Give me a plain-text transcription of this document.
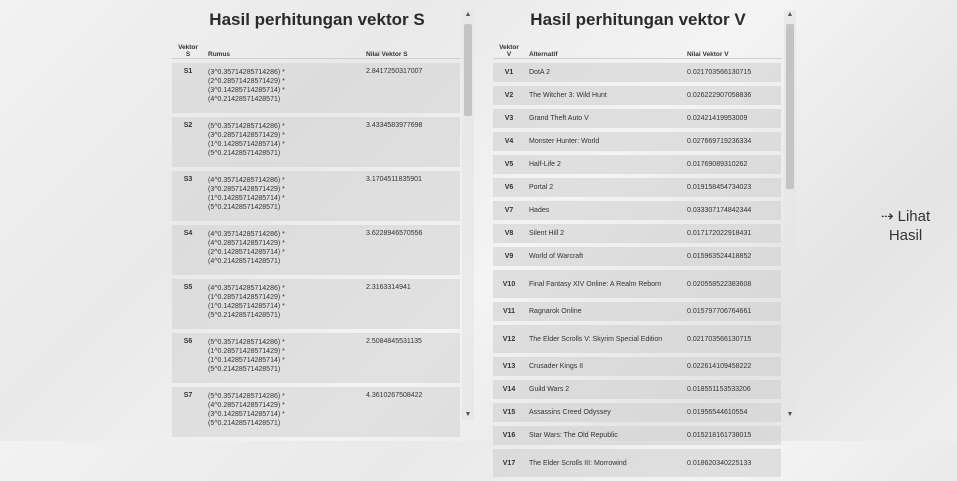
Hasil perhitungan vektor S
Vektor S	Rumus	Nilai Vektor S
S1	(3^0.35714285714286) *
(2^0.28571428571429) *
(3^0.14285714285714) *
(4^0.21428571428571)	2.8417250317007
S2	(5^0.35714285714286) *
(3^0.28571428571429) *
(1^0.14285714285714) *
(5^0.21428571428571)	3.4334583977698
S3	(4^0.35714285714286) *
(3^0.28571428571429) *
(1^0.14285714285714) *
(5^0.21428571428571)	3.1704511835901
S4	(4^0.35714285714286) *
(4^0.28571428571429) *
(2^0.14285714285714) *
(4^0.21428571428571)	3.6228946570556
S5	(4^0.35714285714286) *
(1^0.28571428571429) *
(1^0.14285714285714) *
(5^0.21428571428571)	2.3163314941
S6	(5^0.35714285714286) *
(1^0.28571428571429) *
(1^0.14285714285714) *
(5^0.21428571428571)	2.5084845531135
S7	(5^0.35714285714286) *
(4^0.28571428571429) *
(3^0.14285714285714) *
(5^0.21428571428571)	4.3610267508422
▲
▼
Hasil perhitungan vektor V
Vektor V	Alternatif	Nilai Vektor V
V1	DotA 2	0.021703566130715
V2	The Witcher 3: Wild Hunt	0.026222907058836
V3	Grand Theft Auto V	0.02421419953009
V4	Monster Hunter: World	0.027669719236334
V5	Half-Life 2	0.01769089310262
V6	Portal 2	0.019158454734023
V7	Hades	0.033307174842344
V8	Silent Hill 2	0.017172022918431
V9	World of Warcraft	0.015963524418852
V10	Final Fantasy XIV Online: A Realm Reborn	0.020558522383608
V11	Ragnarok Online	0.015797706764661
V12	The Elder Scrolls V: Skyrim Special Edition	0.021703566130715
V13	Crusader Kings II	0.022614109458222
V14	Guild Wars 2	0.018551153533206
V15	Assassins Creed Odyssey	0.01956544610554
V16	Star Wars: The Old Republic	0.015218161738015
V17	The Elder Scrolls III: Morrowind	0.018620340225133
▲
▼
⇢ Lihat
Hasil
